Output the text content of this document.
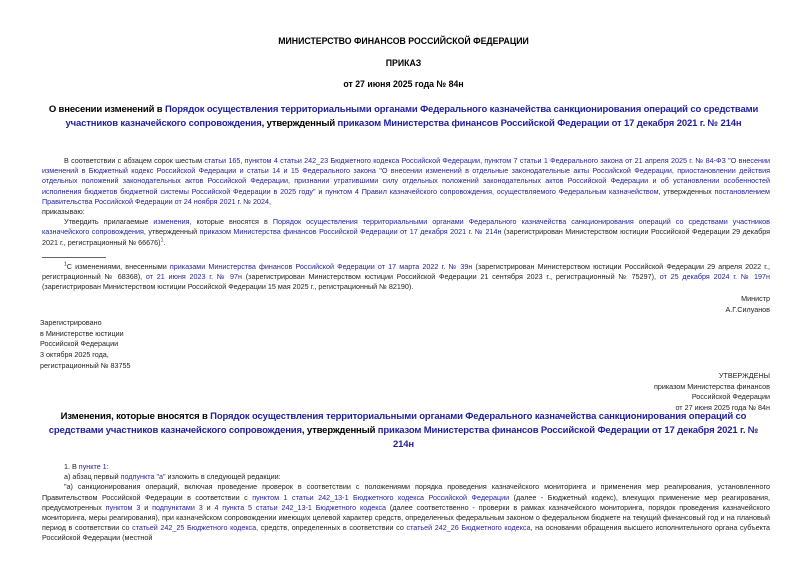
МИНИСТЕРСТВО ФИНАНСОВ РОССИЙСКОЙ ФЕДЕРАЦИИ
ПРИКАЗ
от 27 июня 2025 года № 84н
О внесении изменений в Порядок осуществления территориальными органами Федерального казначейства санкционирования операций со средствами участников казначейского сопровождения, утвержденный приказом Министерства финансов Российской Федерации от 17 декабря 2021 г. № 214н
В соответствии с абзацем сорок шестым статьи 165, пунктом 4 статьи 242_23 Бюджетного кодекса Российской Федерации, пунктом 7 статьи 1 Федерального закона от 21 апреля 2025 г. № 84-ФЗ "О внесении изменений в Бюджетный кодекс Российской Федерации и статьи 14 и 15 Федерального закона "О внесении изменений в отдельные законодательные акты Российской Федерации, приостановлении действия отдельных положений законодательных актов Российской Федерации, признании утратившими силу отдельных положений законодательных актов Российской Федерации и об установлении особенностей исполнения бюджетов бюджетной системы Российской Федерации в 2025 году" и пунктом 4 Правил казначейского сопровождения, осуществляемого Федеральным казначейством, утвержденных постановлением Правительства Российской Федерации от 24 ноября 2021 г. № 2024,
приказываю:
Утвердить прилагаемые изменения, которые вносятся в Порядок осуществления территориальными органами Федерального казначейства санкционирования операций со средствами участников казначейского сопровождения, утвержденный приказом Министерства финансов Российской Федерации от 17 декабря 2021 г. № 214н (зарегистрирован Министерством юстиции Российской Федерации 29 декабря 2021 г., регистрационный № 66676)$^1$.
$^1$С изменениями, внесенными приказами Министерства финансов Российской Федерации от 17 марта 2022 г. № 39н (зарегистрирован Министерством юстиции Российской Федерации 29 апреля 2022 г., регистрационный № 68368), от 21 июня 2023 г. № 97н (зарегистрирован Министерством юстиции Российской Федерации 21 сентября 2023 г., регистрационный № 75297), от 25 декабря 2024 г. № 197н (зарегистрирован Министерством юстиции Российской Федерации 15 мая 2025 г., регистрационный № 82190).
Министр
А.Г.Силуанов
Зарегистрировано
в Министерстве юстиции
Российской Федерации
3 октября 2025 года,
регистрационный № 83755
УТВЕРЖДЕНЫ
приказом Министерства финансов
Российской Федерации
от 27 июня 2025 года № 84н
Изменения, которые вносятся в Порядок осуществления территориальными органами Федерального казначейства санкционирования операций со средствами участников казначейского сопровождения, утвержденный приказом Министерства финансов Российской Федерации от 17 декабря 2021 г. № 214н
1. В пункте 1:
а) абзац первый подпункта "а" изложить в следующей редакции:
"а) санкционирования операций, включая проведение проверок в соответствии с положениями порядка проведения казначейского мониторинга и применения мер реагирования, установленного Правительством Российской Федерации в соответствии с пунктом 1 статьи 242_13-1 Бюджетного кодекса Российской Федерации (далее - Бюджетный кодекс), влекущих применение мер реагирования, предусмотренных пунктом 3 и подпунктами 3 и 4 пункта 5 статьи 242_13-1 Бюджетного кодекса (далее соответственно - проверки в рамках казначейского мониторинга, порядок проведения казначейского мониторинга, меры реагирования), при казначейском сопровождении имеющих целевой характер средств, определенных федеральным законом о федеральном бюджете на текущий финансовый год и на плановый период в соответствии со статьей 242_25 Бюджетного кодекса, средств, определенных в соответствии со статьей 242_26 Бюджетного кодекса, на основании обращения высшего исполнительного органа субъекта Российской Федерации (местной
